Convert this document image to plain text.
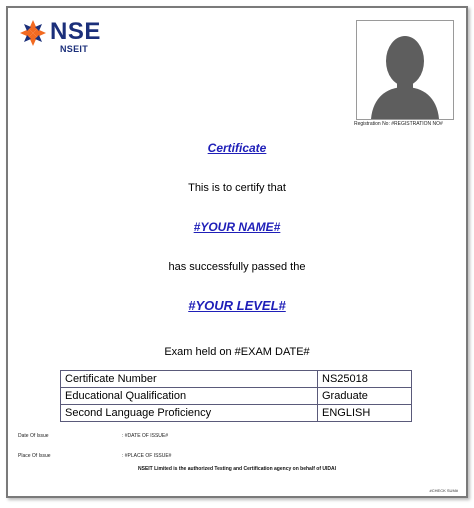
NSE
NSEIT
Registration No: #REGISTRATION NO#
Certificate
This is to certify that
#YOUR NAME#
has successfully passed the
#YOUR LEVEL#
Exam held on #EXAM DATE#
Certificate Number	NS25018
Educational Qualification	Graduate
Second Language Proficiency	ENGLISH
Date Of Issue	: #DATE OF ISSUE#
Place Of Issue	: #PLACE OF ISSUE#
NSEIT Limited is the authorized Testing and Certification agency on behalf of UIDAI
#CHECK SUM#
